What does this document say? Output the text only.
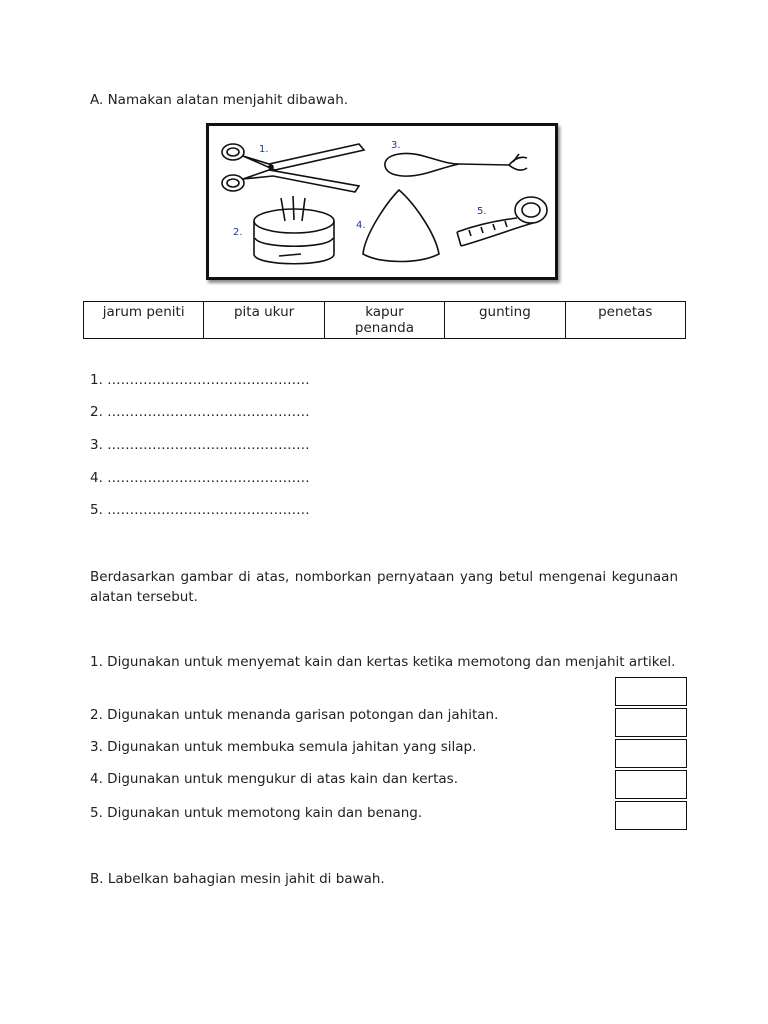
A. Namakan alatan menjahit dibawah.
1.	3.
2.
4.
5.
jarum peniti	pita ukur	kapur penanda	gunting	penetas
1. ………………………………………
2. ………………………………………
3. ………………………………………
4. ………………………………………
5. ………………………………………
Berdasarkan gambar di atas, nomborkan pernyataan yang betul mengenai kegunaan alatan tersebut.
1. Digunakan untuk menyemat kain dan kertas ketika memotong dan menjahit artikel.
2. Digunakan untuk menanda garisan potongan dan jahitan.
3. Digunakan untuk membuka semula jahitan yang silap.
4. Digunakan untuk mengukur di atas kain dan kertas.
5. Digunakan untuk memotong kain dan benang.
B. Labelkan bahagian mesin jahit di bawah.
